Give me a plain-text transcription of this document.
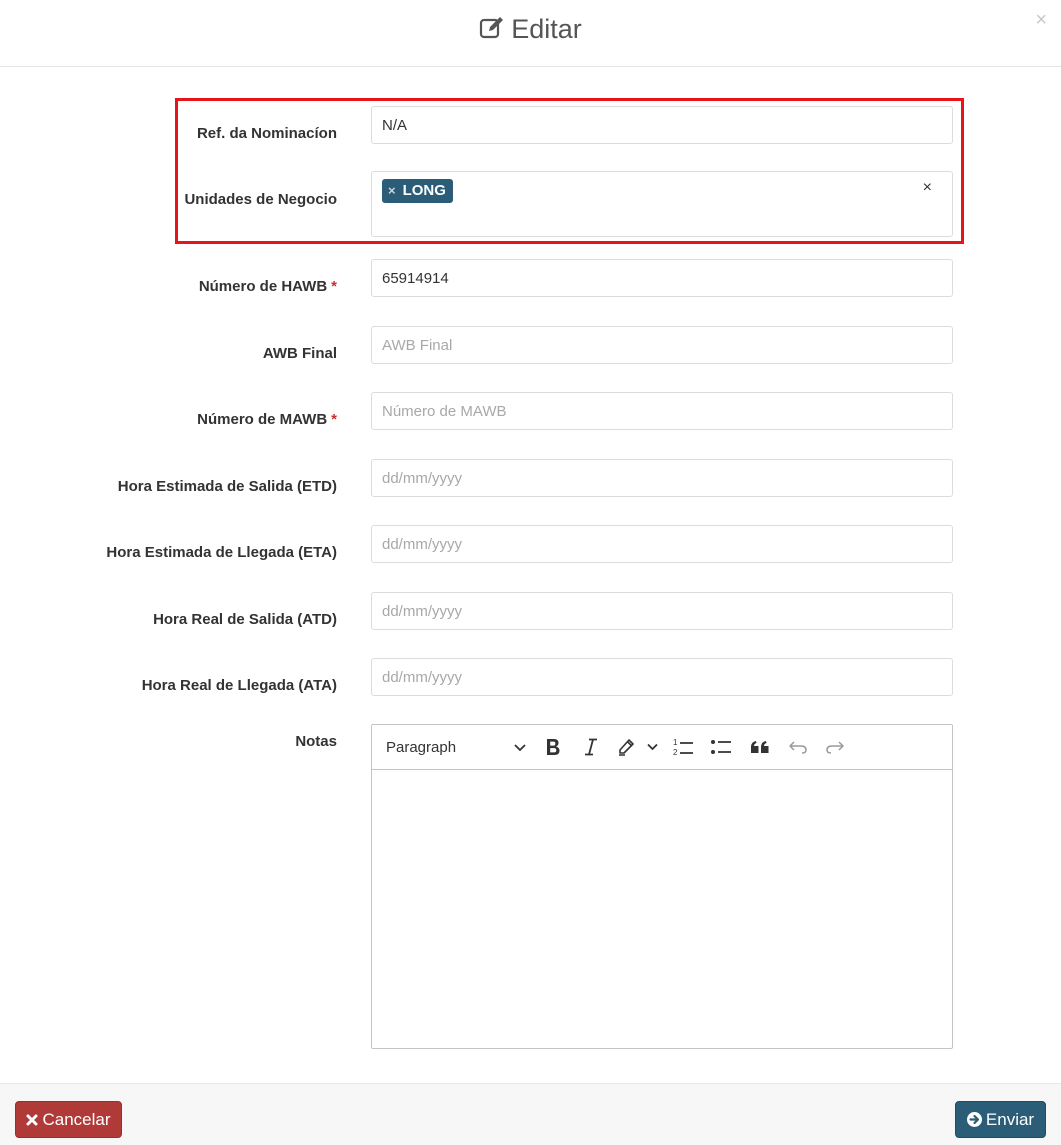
Editar	×
Ref. da Nominacíon
N/A
Unidades de Negocio
× LONG	×
Número de HAWB *
65914914
AWB Final
AWB Final
Número de MAWB *
Número de MAWB
Hora Estimada de Salida (ETD)
dd/mm/yyyy
Hora Estimada de Llegada (ETA)
dd/mm/yyyy
Hora Real de Salida (ATD)
dd/mm/yyyy
Hora Real de Llegada (ATA)
dd/mm/yyyy
Notas	Paragraph	1
2
Cancelar	Enviar
